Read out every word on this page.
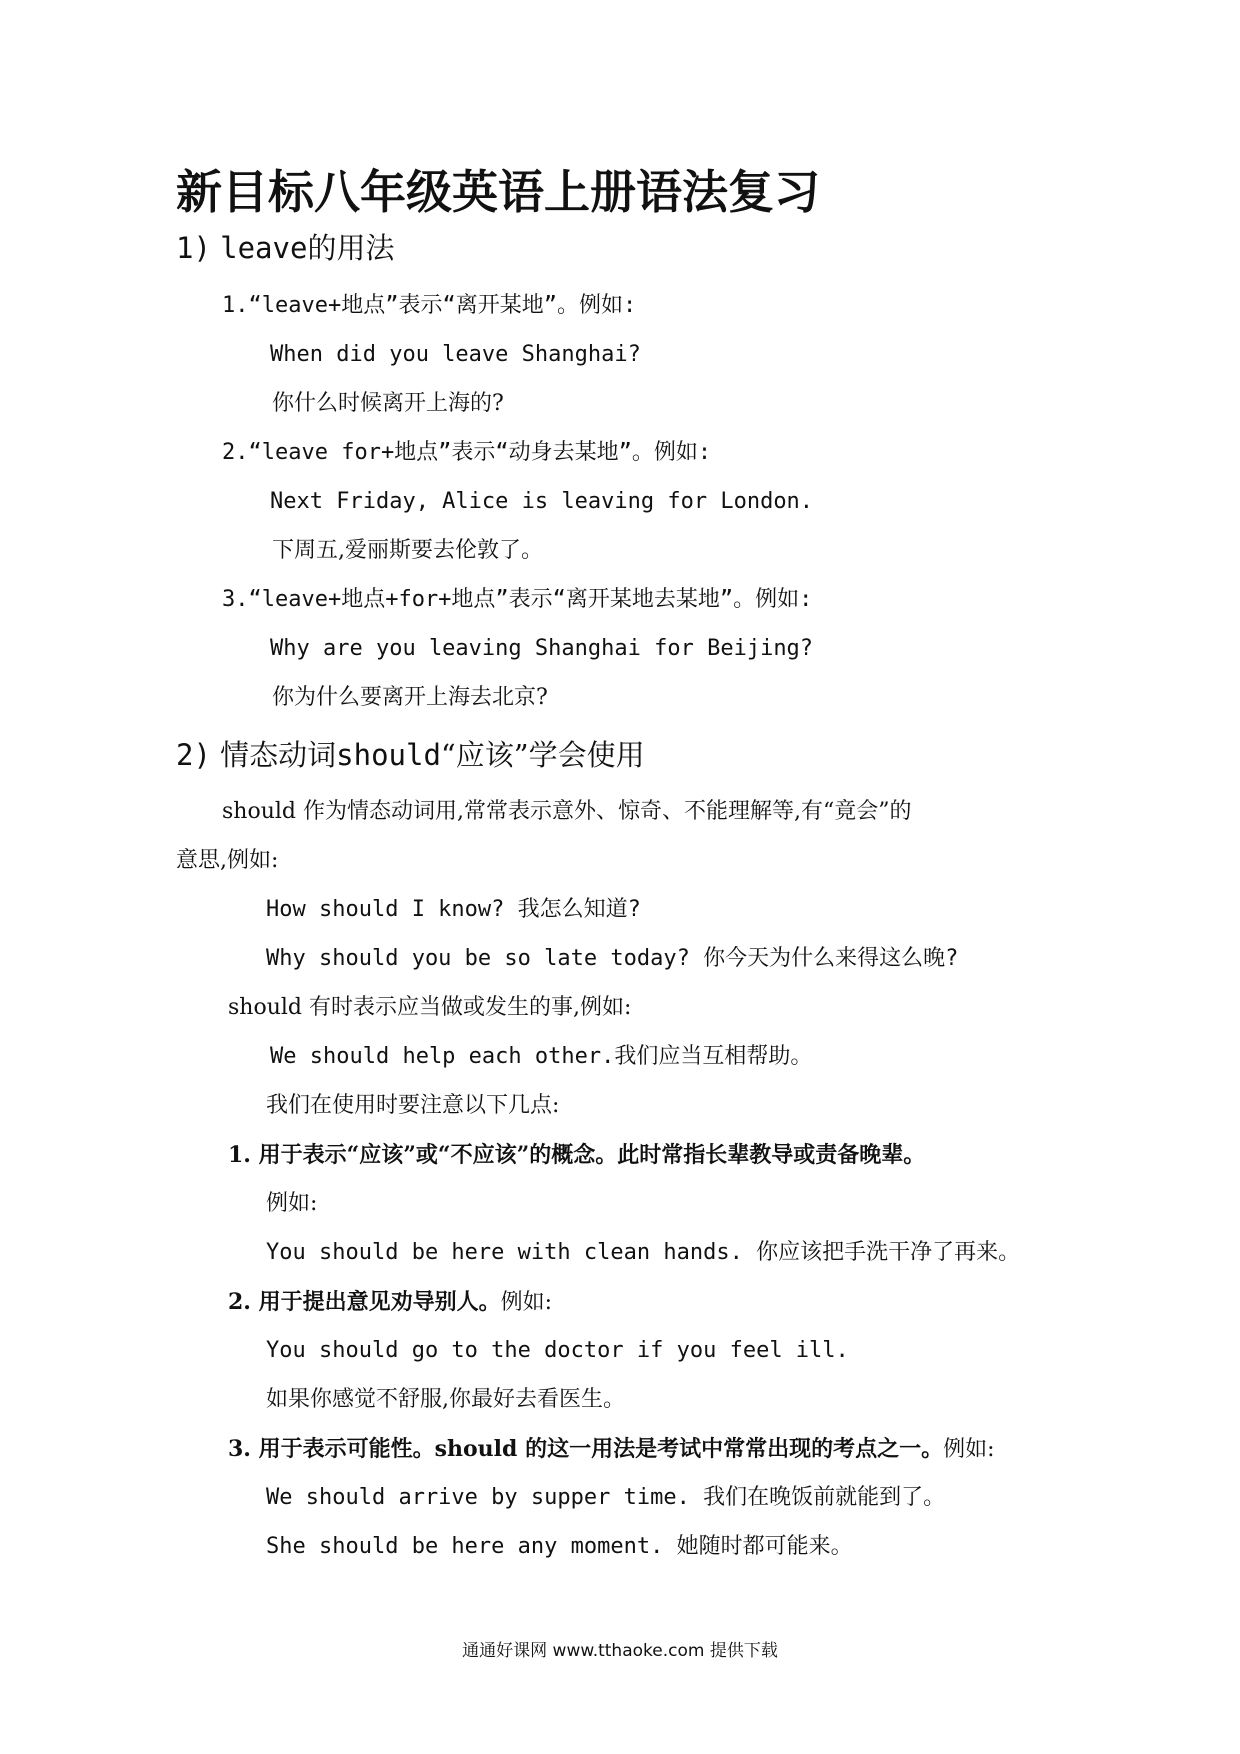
新目标八年级英语上册语法复习
1) leave的用法
1.“leave+地点”表示“离开某地”。例如:
When did you leave Shanghai?
你什么时候离开上海的?
2.“leave for+地点”表示“动身去某地”。例如:
Next Friday, Alice is leaving for London.
下周五,爱丽斯要去伦敦了。
3.“leave+地点+for+地点”表示“离开某地去某地”。例如:
Why are you leaving Shanghai for Beijing?
你为什么要离开上海去北京?
2) 情态动词should“应该”学会使用
should 作为情态动词用,常常表示意外、惊奇、不能理解等,有“竟会”的
意思,例如:
How should I know? 我怎么知道?
Why should you be so late today? 你今天为什么来得这么晚?
should 有时表示应当做或发生的事,例如:
We should help each other.我们应当互相帮助。
我们在使用时要注意以下几点:
1. 用于表示“应该”或“不应该”的概念。此时常指长辈教导或责备晚辈。
例如:
You should be here with clean hands. 你应该把手洗干净了再来。
2. 用于提出意见劝导别人。例如:
You should go to the doctor if you feel ill.
如果你感觉不舒服,你最好去看医生。
3. 用于表示可能性。should 的这一用法是考试中常常出现的考点之一。例如:
We should arrive by supper time. 我们在晚饭前就能到了。
She should be here any moment. 她随时都可能来。
通通好课网 www.tthaoke.com 提供下载
